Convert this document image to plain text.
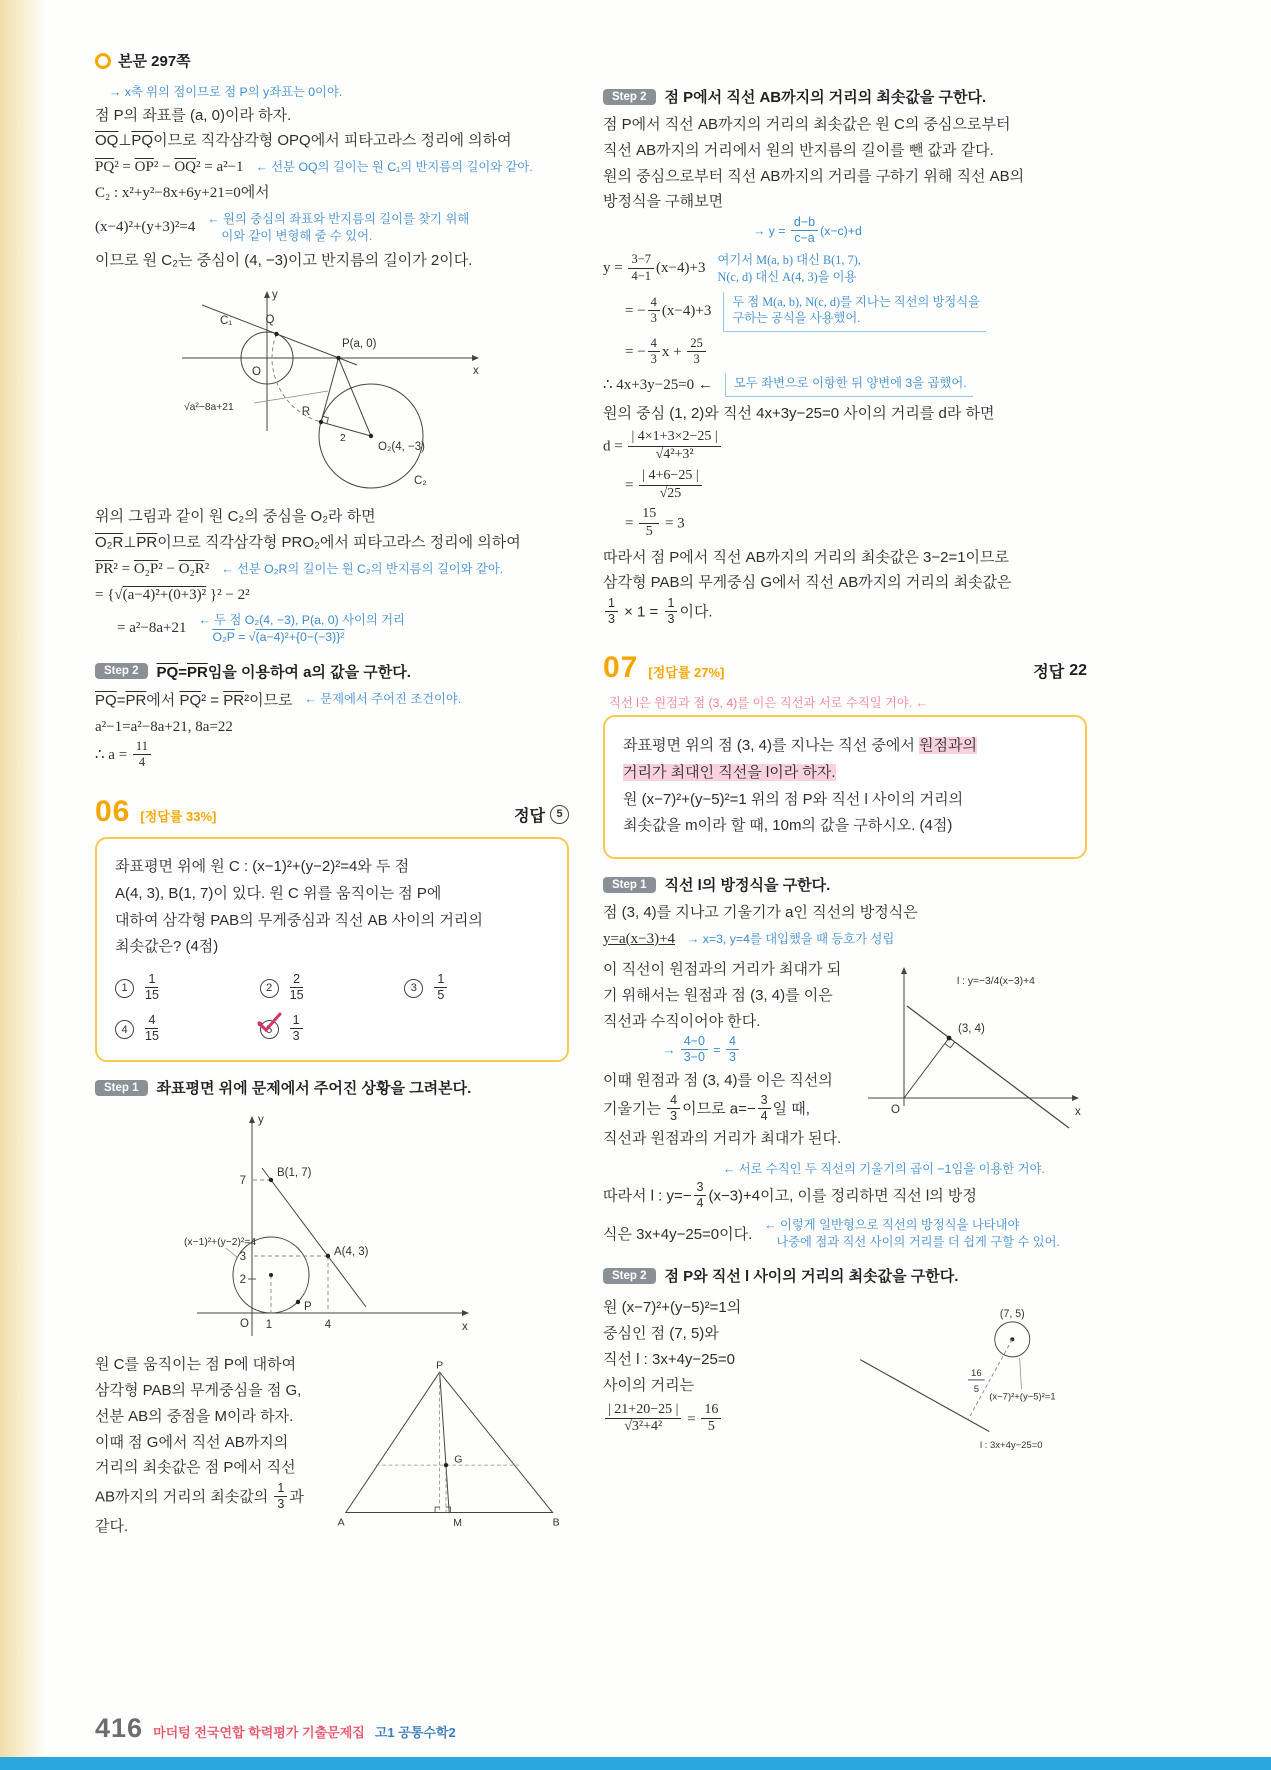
본문 297쪽
→ x축 위의 점이므로 점 P의 y좌표는 0이야.

점 P의 좌표를 (a, 0)이라 하자.

$\overline{OQ}\perp\overline{PQ}$이므로 직각삼각형 OPQ에서 피타고라스 정리에 의하여

$\overline{PQ}^2 = \overline{OP}^2 - \overline{OQ}^2 = a^2-1$ ← 선분 OQ의 길이는 원 C₁의 반지름의 길이와 같아.

C₂ : x²+y²−8x+6y+21=0에서

(x−4)²+(y+3)²=4
← 원의 중심의 좌표와 반지름의 길이를 찾기 위해
이와 같이 변형해 줄 수 있어.

이므로 원 C₂는 중심이 (4, −3)이고 반지름의 길이가 2이다.

y
x
Q
C₁
O
P(a, 0)
R
O₂(4, −3)
C₂
2
√a²−8a+21

위의 그림과 같이 원 C₂의 중심을 O₂라 하면

$O_2R\perp\overline{PR}$이므로 직각삼각형 PRO₂에서 피타고라스 정리에 의하여

$\overline{PR}^2 = O_2P^2 - O_2R^2$ ← 선분 O₂R의 길이는 원 C₂의 반지름의 길이와 같아.

= {√(a−4)²+(0+3)² }² − 2²

= a²−8a+21
← 두 점 O₂(4, −3), P(a, 0) 사이의 거리
O₂P = √(a−4)²+{0−(−3)}²
Step 2	$\overline{PQ}=\overline{PR}$임을 이용하여 a의 값을 구한다.
$\overline{PQ}=\overline{PR}$에서 $\overline{PQ}^2 = \overline{PR}^2$이므로 ← 문제에서 주어진 조건이야.

a²−1=a²−8a+21, 8a=22

∴ $a = \frac{11}{4}$

06 [정답률 33%]	정답	5

좌표평면 위에 원 C : (x−1)²+(y−2)²=4와 두 점

A(4, 3), B(1, 7)이 있다. 원 C 위를 움직이는 점 P에

대하여 삼각형 PAB의 무게중심과 직선 AB 사이의 거리의

최솟값은? (4점)

1	$\frac{1}{15}$	2	$\frac{2}{15}$	3	$\frac{1}{5}$
4	$\frac{4}{15}$	5	$\frac{1}{3}$
Step 1	좌표평면 위에 문제에서 주어진 상황을 그려본다.
y
x
7
B(1, 7)
(x−1)²+(y−2)²=4
A(4, 3)
3
2
P
O 1	4

원 C를 움직이는 점 P에 대하여

삼각형 PAB의 무게중심을 점 G,

선분 AB의 중점을 M이라 하자.

이때 점 G에서 직선 AB까지의

거리의 최솟값은 점 P에서 직선

AB까지의 거리의 최솟값의 $\frac{1}{3}$ 과

같다.

P
G
A	M	B
Step 2	점 P에서 직선 AB까지의 거리의 최솟값을 구한다.

점 P에서 직선 AB까지의 거리의 최솟값은 원 C의 중심으로부터

직선 AB까지의 거리에서 원의 반지름의 길이를 뺀 값과 같다.

원의 중심으로부터 직선 AB까지의 거리를 구하기 위해 직선 AB의

방정식을 구해보면

→ $y = \frac{d-b}{c-a} (x-c)+d$
$y = \frac{3-7}{4-1} (x-4)+3$
여기서 M(a, b) 대신 B(1, 7),
N(c, d) 대신 A(4, 3)을 이용
= − $\frac{4}{3} (x-4)+3$
두 점 M(a, b), N(c, d)를 지나는 직선의 방정식을
구하는 공식을 사용했어.
= − $\frac{4}{3}$ $x + \frac{25}{3}$
∴ 4x+3y−25=0 ←	모두 좌변으로 이항한 뒤 양변에 3을 곱했어.

원의 중심 (1, 2)와 직선 4x+3y−25=0 사이의 거리를 d라 하면

$d = \frac{| 4\times 1+3\times 2-25 |}{\text{√4²+3²}}$
= $\frac{| 4+6-25 |}{√25}$
= $\frac{15}{5} = 3$

따라서 점 P에서 직선 AB까지의 거리의 최솟값은 3−2=1이므로

삼각형 PAB의 무게중심 G에서 직선 AB까지의 거리의 최솟값은

$\frac{1}{3} \times 1 = \frac{1}{3}$ 이다.

07 [정답률 27%]	정답 22
직선 l은 원점과 점 (3, 4)를 이은 직선과 서로 수직일 거야. ←

좌표평면 위의 점 (3, 4)를 지나는 직선 중에서 원점과의

거리가 최대인 직선을 l이라 하자.

원 (x−7)²+(y−5)²=1 위의 점 P와 직선 l 사이의 거리의

최솟값을 m이라 할 때, 10m의 값을 구하시오. (4점)

Step 1	직선 l의 방정식을 구한다.

점 (3, 4)를 지나고 기울기가 a인 직선의 방정식은

y=a(x−3)+4 → x=3, y=4를 대입했을 때 등호가 성립

이 직선이 원점과의 거리가 최대가 되

기 위해서는 원점과 점 (3, 4)를 이은

직선과 수직이어야 한다.

→ $\frac{4-0}{3-0} = \frac{4}{3}$

이때 원점과 점 (3, 4)를 이은 직선의

기울기는 $\frac{4}{3}$ 이므로 $a=- \frac{3}{4}$ 일 때,

직선과 원점과의 거리가 최대가 된다.

l : y=−3/4(x−3)+4
(3, 4)
O	x
← 서로 수직인 두 직선의 기울기의 곱이 −1임을 이용한 거야.

따라서 l : $y=- \frac{3}{4} (x-3)+4$이고, 이를 정리하면 직선 l의 방정

식은 3x+4y−25=0이다.
← 이렇게 일반형으로 직선의 방정식을 나타내야
나중에 점과 직선 사이의 거리를 더 쉽게 구할 수 있어.
Step 2	점 P와 직선 l 사이의 거리의 최솟값을 구한다.

원 (x−7)²+(y−5)²=1의

중심인 점 (7, 5)와

직선 l : 3x+4y−25=0

사이의 거리는

$\frac{| 21+20-25 |}{\text{√3²+4²}} = \frac{16}{5}$
(7, 5)
16
5
(x−7)²+(y−5)²=1
l : 3x+4y−25=0
416 마더텅 전국연합 학력평가 기출문제집 고1 공통수학2
